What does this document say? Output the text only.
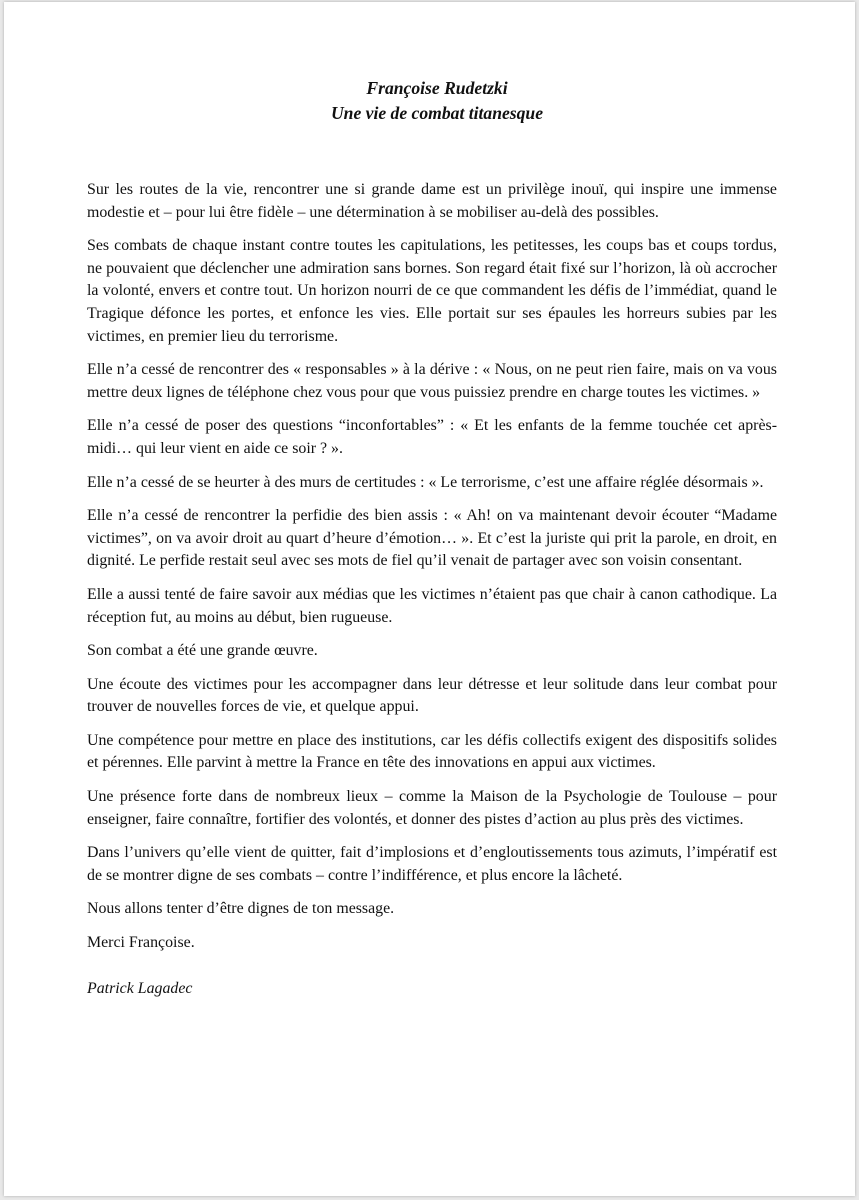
Françoise Rudetzki

Une vie de combat titanesque

Sur les routes de la vie, rencontrer une si grande dame est un privilège inouï, qui inspire une immense modestie et – pour lui être fidèle – une détermination à se mobiliser au-delà des possibles.

Ses combats de chaque instant contre toutes les capitulations, les petitesses, les coups bas et coups tordus, ne pouvaient que déclencher une admiration sans bornes. Son regard était fixé sur l’horizon, là où accrocher la volonté, envers et contre tout. Un horizon nourri de ce que commandent les défis de l’immédiat, quand le Tragique défonce les portes, et enfonce les vies. Elle portait sur ses épaules les horreurs subies par les victimes, en premier lieu du terrorisme.

Elle n’a cessé de rencontrer des « responsables » à la dérive : « Nous, on ne peut rien faire, mais on va vous mettre deux lignes de téléphone chez vous pour que vous puissiez prendre en charge toutes les victimes. »

Elle n’a cessé de poser des questions “inconfortables” : « Et les enfants de la femme touchée cet après-midi… qui leur vient en aide ce soir ? ».

Elle n’a cessé de se heurter à des murs de certitudes : « Le terrorisme, c’est une affaire réglée désormais ».

Elle n’a cessé de rencontrer la perfidie des bien assis : « Ah! on va maintenant devoir écouter “Madame victimes”, on va avoir droit au quart d’heure d’émotion… ». Et c’est la juriste qui prit la parole, en droit, en dignité. Le perfide restait seul avec ses mots de fiel qu’il venait de partager avec son voisin consentant.

Elle a aussi tenté de faire savoir aux médias que les victimes n’étaient pas que chair à canon cathodique. La réception fut, au moins au début, bien rugueuse.

Son combat a été une grande œuvre.

Une écoute des victimes pour les accompagner dans leur détresse et leur solitude dans leur combat pour trouver de nouvelles forces de vie, et quelque appui.

Une compétence pour mettre en place des institutions, car les défis collectifs exigent des dispositifs solides et pérennes. Elle parvint à mettre la France en tête des innovations en appui aux victimes.

Une présence forte dans de nombreux lieux – comme la Maison de la Psychologie de Toulouse – pour enseigner, faire connaître, fortifier des volontés, et donner des pistes d’action au plus près des victimes.

Dans l’univers qu’elle vient de quitter, fait d’implosions et d’engloutissements tous azimuts, l’impératif est de se montrer digne de ses combats – contre l’indifférence, et plus encore la lâcheté.

Nous allons tenter d’être dignes de ton message.

Merci Françoise.

Patrick Lagadec
